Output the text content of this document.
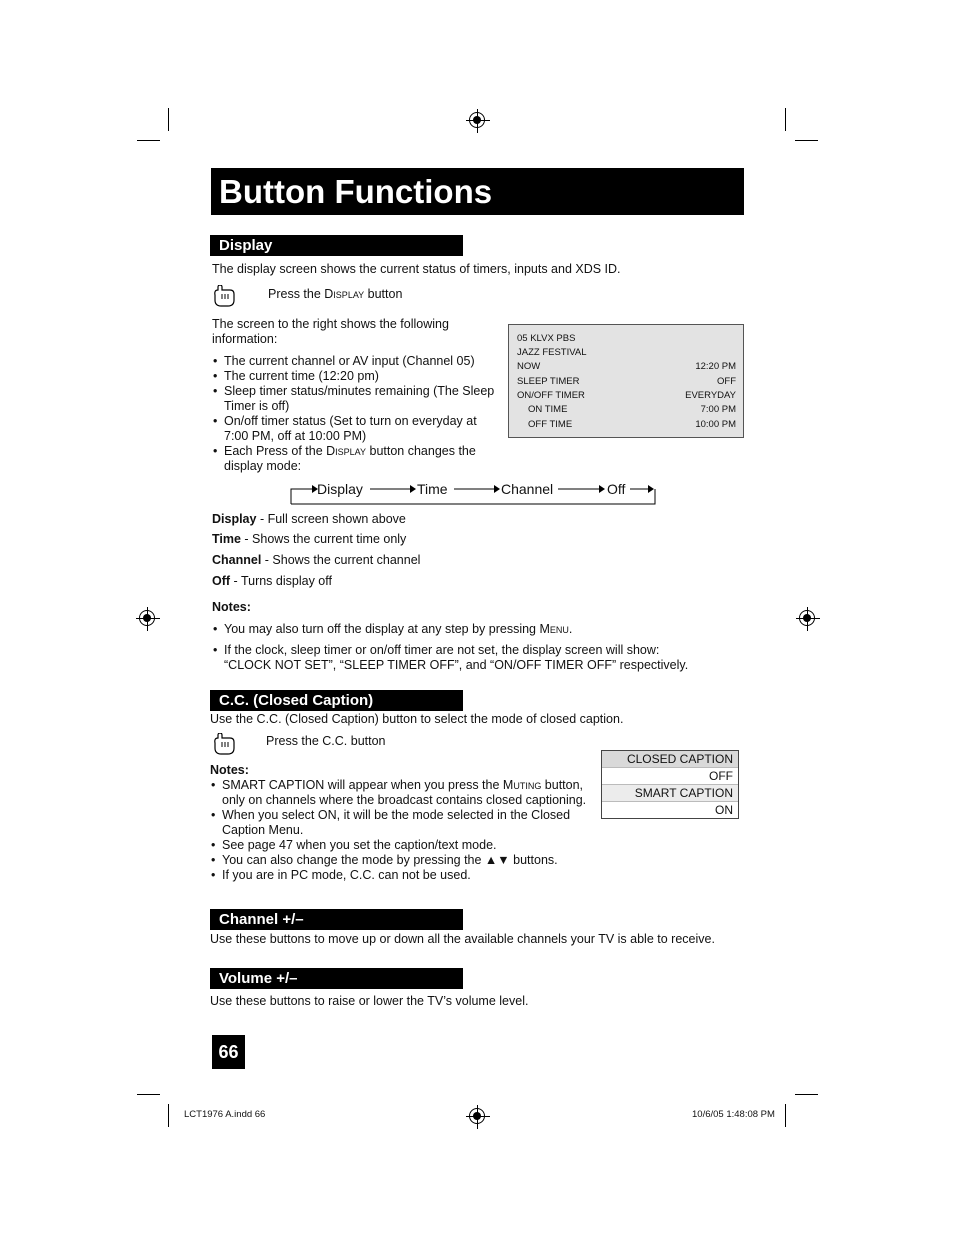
Button Functions
Display
The display screen shows the current status of timers, inputs and XDS ID.
Press the Display button
The screen to the right shows the following information:
• The current channel or AV input (Channel 05)
• The current time (12:20 pm)
• Sleep timer status/minutes remaining (The Sleep Timer is off)
• On/off timer status (Set to turn on everyday at 7:00 PM, off at 10:00 PM)
• Each Press of the Display button changes the display mode:
05 KLVX PBS
JAZZ FESTIVAL
NOW	12:20 PM
SLEEP TIMER	OFF
ON/OFF TIMER	EVERYDAY
ON TIME	7:00 PM
OFF TIME	10:00 PM
Display	Time	Channel	Off
Display - Full screen shown above
Time - Shows the current time only
Channel - Shows the current channel
Off - Turns display off
Notes:
• You may also turn off the display at any step by pressing Menu.
• If the clock, sleep timer or on/off timer are not set, the display screen will show:
“CLOCK NOT SET”, “SLEEP TIMER OFF”, and “ON/OFF TIMER OFF” respectively.
C.C. (Closed Caption)
Use the C.C. (Closed Caption) button to select the mode of closed caption.
Press the C.C. button
Notes:
• SMART CAPTION will appear when you press the Muting button, only on channels where the broadcast contains closed captioning.
• When you select ON, it will be the mode selected in the Closed Caption Menu.
• See page 47 when you set the caption/text mode.
• You can also change the mode by pressing the ▲▼ buttons.
• If you are in PC mode, C.C. can not be used.
CLOSED CAPTION
OFF
SMART CAPTION
ON
Channel +/–
Use these buttons to move up or down all the available channels your TV is able to receive.
Volume +/–
Use these buttons to raise or lower the TV’s volume level.
66
LCT1976 A.indd 66	10/6/05 1:48:08 PM
